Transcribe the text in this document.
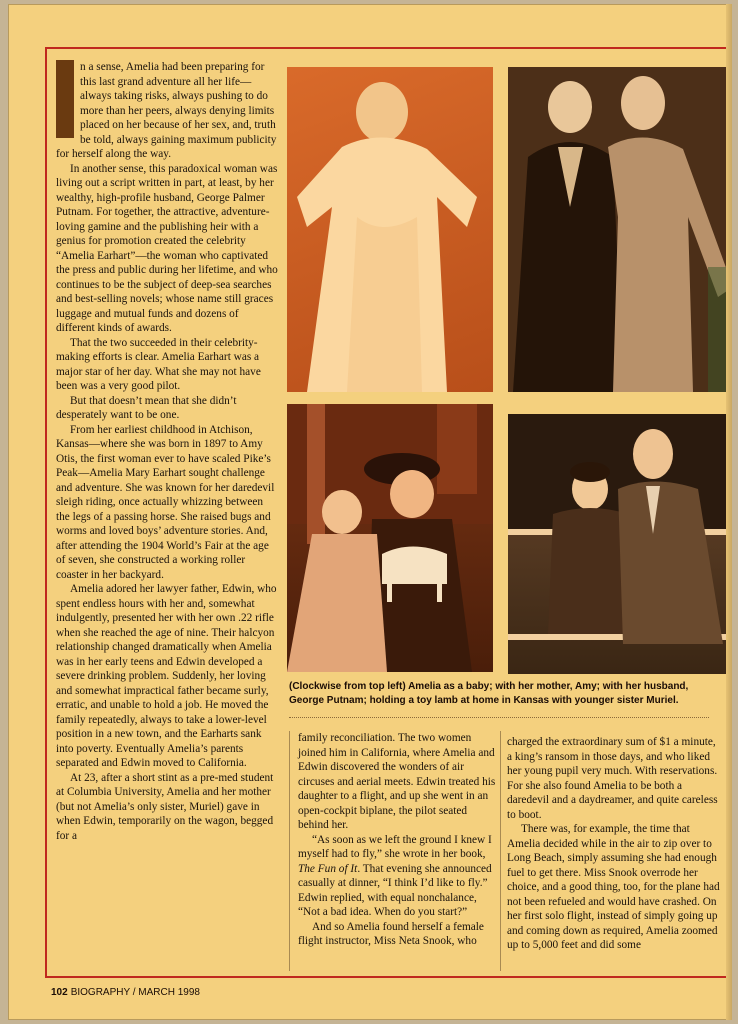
n a sense, Amelia had been preparing for this last grand adventure all her life—always taking risks, always pushing to do more than her peers, always denying limits placed on her because of her sex, and, truth be told, always gaining maximum publicity for herself along the way.

In another sense, this paradoxical woman was living out a script written in part, at least, by her wealthy, high-profile husband, George Palmer Putnam. For together, the attractive, adventure-loving gamine and the publishing heir with a genius for promotion created the celebrity “Amelia Earhart”—the woman who captivated the press and public during her lifetime, and who continues to be the subject of deep-sea searches and best-selling novels; whose name still graces luggage and mutual funds and dozens of different kinds of awards.

That the two succeeded in their celebrity-making efforts is clear. Amelia Earhart was a major star of her day. What she may not have been was a very good pilot.

But that doesn’t mean that she didn’t desperately want to be one.

From her earliest childhood in Atchison, Kansas—where she was born in 1897 to Amy Otis, the first woman ever to have scaled Pike’s Peak—Amelia Mary Earhart sought challenge and adventure. She was known for her daredevil sleigh riding, once actually whizzing between the legs of a passing horse. She raised bugs and worms and loved boys’ adventure stories. And, after attending the 1904 World’s Fair at the age of seven, she constructed a working roller coaster in her backyard.

Amelia adored her lawyer father, Edwin, who spent endless hours with her and, somewhat indulgently, presented her with her own .22 rifle when she reached the age of nine. Their halcyon relationship changed dramatically when Amelia was in her early teens and Edwin developed a severe drinking problem. Suddenly, her loving and somewhat impractical father became surly, erratic, and unable to hold a job. He moved the family repeatedly, always to take a lower-level position in a new town, and the Earharts sank into poverty. Eventually Amelia’s parents separated and Edwin moved to California.

At 23, after a short stint as a pre-med student at Columbia University, Amelia and her mother (but not Amelia’s only sister, Muriel) gave in when Edwin, temporarily on the wagon, begged for a

(Clockwise from top left) Amelia as a baby; with her mother, Amy; with her husband, George Putnam; holding a toy lamb at home in Kansas with younger sister Muriel.

family reconciliation. The two women joined him in California, where Amelia and Edwin discovered the wonders of air circuses and aerial meets. Edwin treated his daughter to a flight, and up she went in an open-cockpit biplane, the pilot seated behind her.

“As soon as we left the ground I knew I myself had to fly,” she wrote in her book, The Fun of It. That evening she announced casually at dinner, “I think I’d like to fly.” Edwin replied, with equal nonchalance, “Not a bad idea. When do you start?”

And so Amelia found herself a female flight instructor, Miss Neta Snook, who

charged the extraordinary sum of $1 a minute, a king’s ransom in those days, and who liked her young pupil very much. With reservations. For she also found Amelia to be both a daredevil and a daydreamer, and quite careless to boot.

There was, for example, the time that Amelia decided while in the air to zip over to Long Beach, simply assuming she had enough fuel to get there. Miss Snook overrode her choice, and a good thing, too, for the plane had not been refueled and would have crashed. On her first solo flight, instead of simply going up and coming down as required, Amelia zoomed up to 5,000 feet and did some

102 BIOGRAPHY / MARCH 1998
